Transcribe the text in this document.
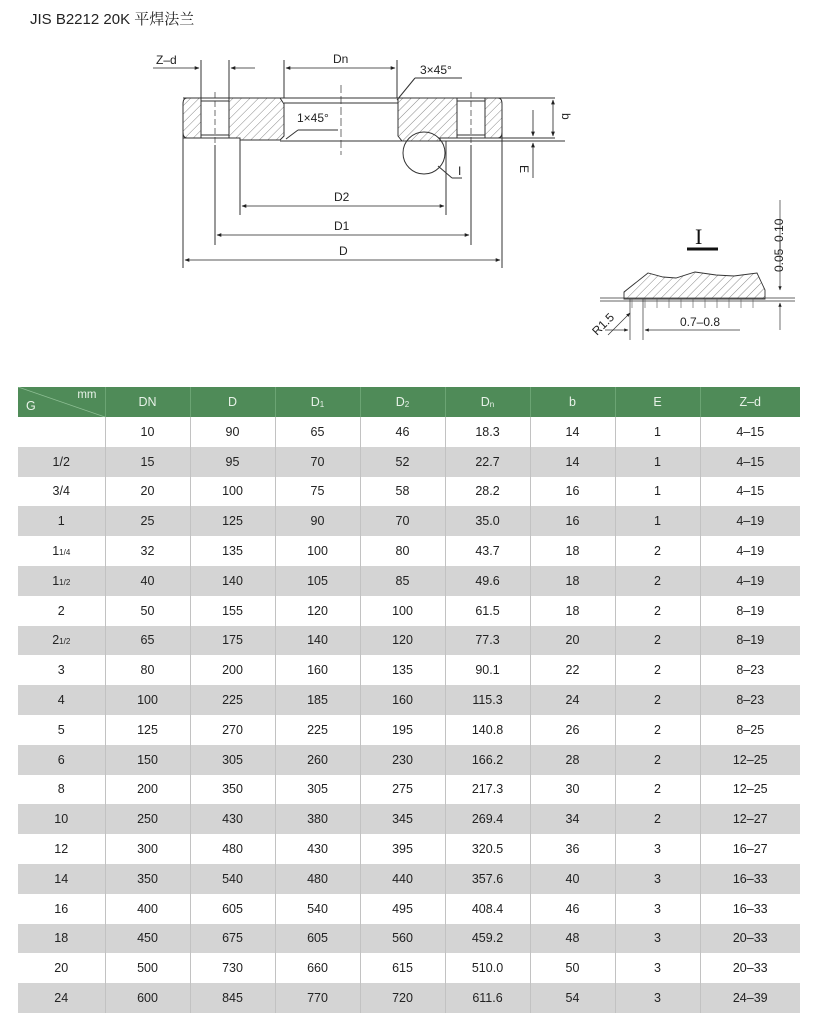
JIS B2212 20K 平焊法兰
Z–d	Dn
3×45°
1×45°
I
D2
D1
D
b
E
I	0.05–0.10
0.7–0.8
R1.5
mm
G	DN	D	$D_1$	$D_2$	$D_n$	b	E	Z–d
	10	90	65	46	18.3	14	1	4–15
1/2	15	95	70	52	22.7	14	1	4–15
3/4	20	100	75	58	28.2	16	1	4–15
1	25	125	90	70	35.0	16	1	4–19
11/4	32	135	100	80	43.7	18	2	4–19
11/2	40	140	105	85	49.6	18	2	4–19
2	50	155	120	100	61.5	18	2	8–19
21/2	65	175	140	120	77.3	20	2	8–19
3	80	200	160	135	90.1	22	2	8–23
4	100	225	185	160	115.3	24	2	8–23
5	125	270	225	195	140.8	26	2	8–25
6	150	305	260	230	166.2	28	2	12–25
8	200	350	305	275	217.3	30	2	12–25
10	250	430	380	345	269.4	34	2	12–27
12	300	480	430	395	320.5	36	3	16–27
14	350	540	480	440	357.6	40	3	16–33
16	400	605	540	495	408.4	46	3	16–33
18	450	675	605	560	459.2	48	3	20–33
20	500	730	660	615	510.0	50	3	20–33
24	600	845	770	720	611.6	54	3	24–39
